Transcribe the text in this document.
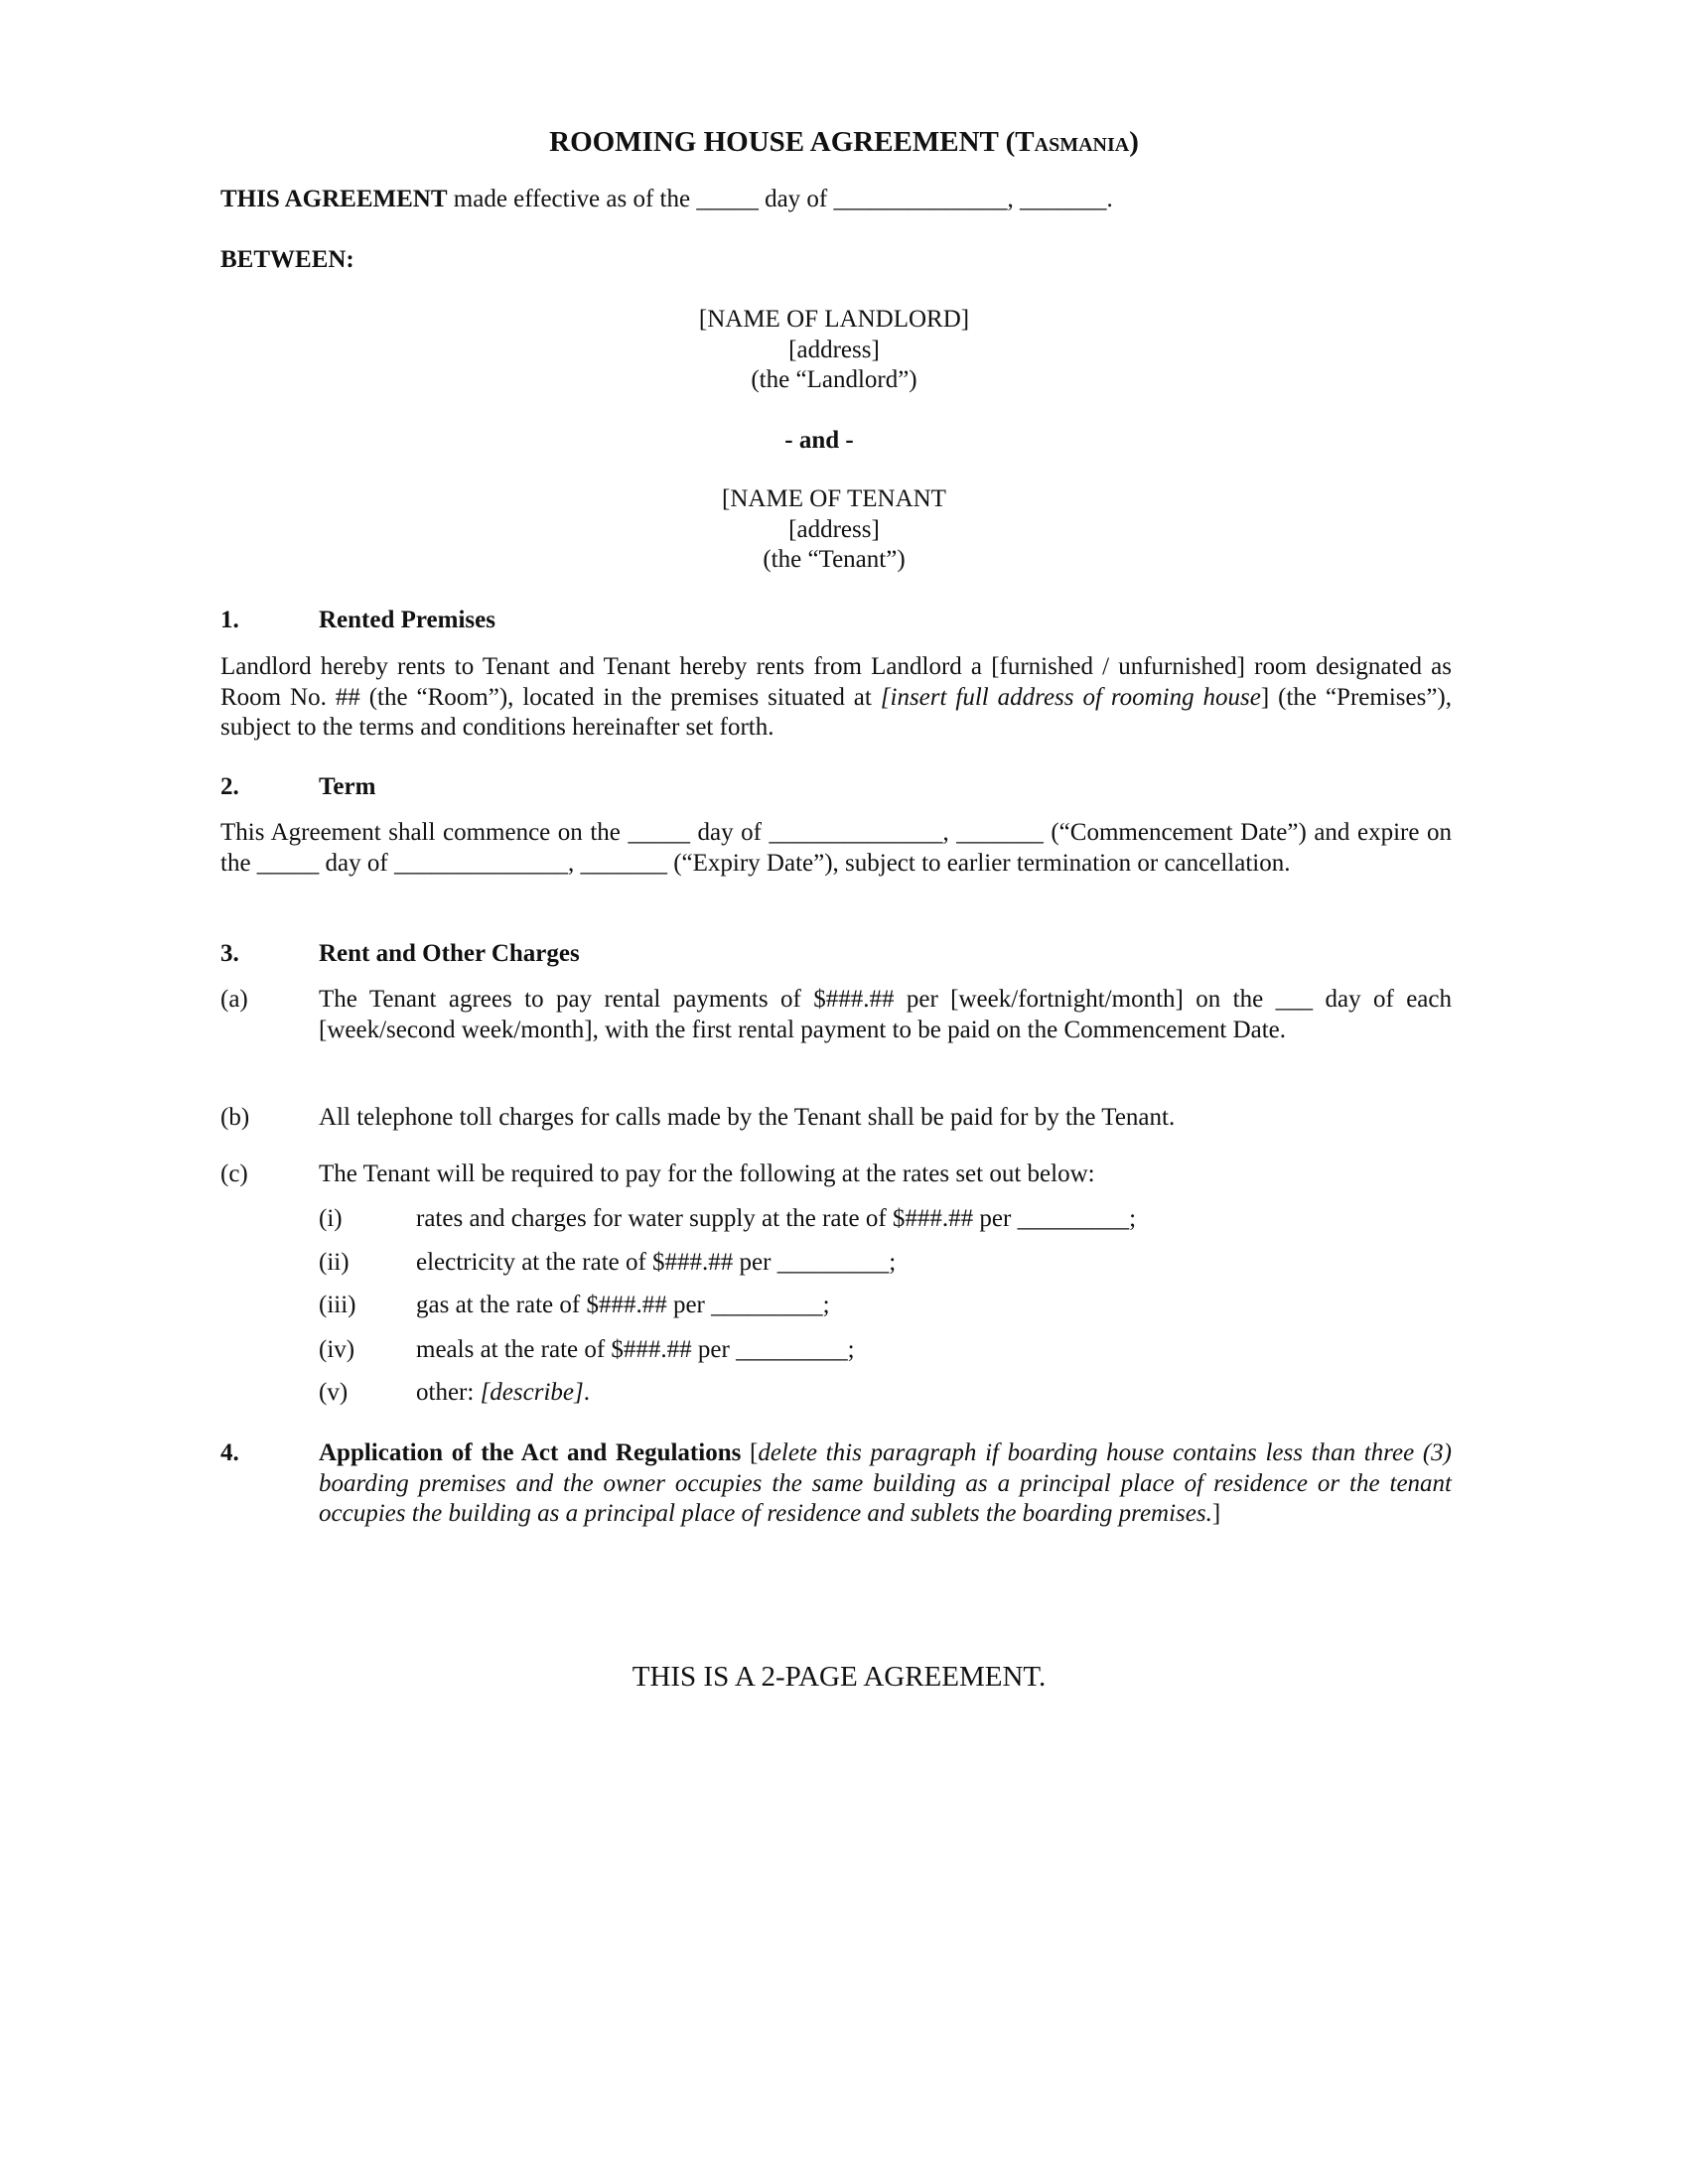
ROOMING HOUSE AGREEMENT (Tasmania)
THIS AGREEMENT made effective as of the _____ day of ______________, _______.
BETWEEN:
[NAME OF LANDLORD]
[address]
(the “Landlord”)
- and -
[NAME OF TENANT
[address]
(the “Tenant”)
1.	Rented Premises
Landlord hereby rents to Tenant and Tenant hereby rents from Landlord a [furnished / unfurnished] room designated as Room No. ## (the “Room”), located in the premises situated at [insert full address of rooming house] (the “Premises”), subject to the terms and conditions hereinafter set forth.
2.	Term
This Agreement shall commence on the _____ day of ______________, _______ (“Commencement Date”) and expire on the _____ day of ______________, _______ (“Expiry Date”), subject to earlier termination or cancellation.
3.	Rent and Other Charges
(a)	The Tenant agrees to pay rental payments of $###.## per [week/fortnight/month] on the ___ day of each [week/second week/month], with the first rental payment to be paid on the Commencement Date.
(b)	All telephone toll charges for calls made by the Tenant shall be paid for by the Tenant.
(c)	The Tenant will be required to pay for the following at the rates set out below:
(i)	rates and charges for water supply at the rate of $###.## per _________;
(ii)	electricity at the rate of $###.## per _________;
(iii) gas at the rate of $###.## per _________;
(iv) meals at the rate of $###.## per _________;
(v)	other: [describe].
4.	Application of the Act and Regulations [delete this paragraph if boarding house contains less than three (3) boarding premises and the owner occupies the same building as a principal place of residence or the tenant occupies the building as a principal place of residence and sublets the boarding premises.]
THIS IS A 2-PAGE AGREEMENT.
